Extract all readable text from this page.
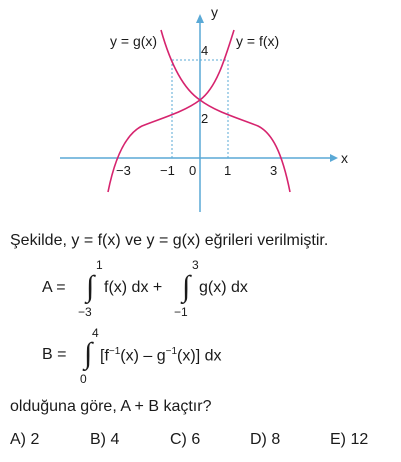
y
x
y = g(x)	y = f(x)
4
2
−3 −1 0 1	3
Şekilde, y = f(x) ve y = g(x) eğrileri verilmiştir.
A = ∫
1
−3
f(x) dx + ∫
3
−1
g(x) dx
B = ∫
4
0
$[f^{-1}(x) - g^{-1}(x)]$ dx
olduğuna göre, A + B kaçtır?
A) 2	B) 4	C) 6	D) 8	E) 12
